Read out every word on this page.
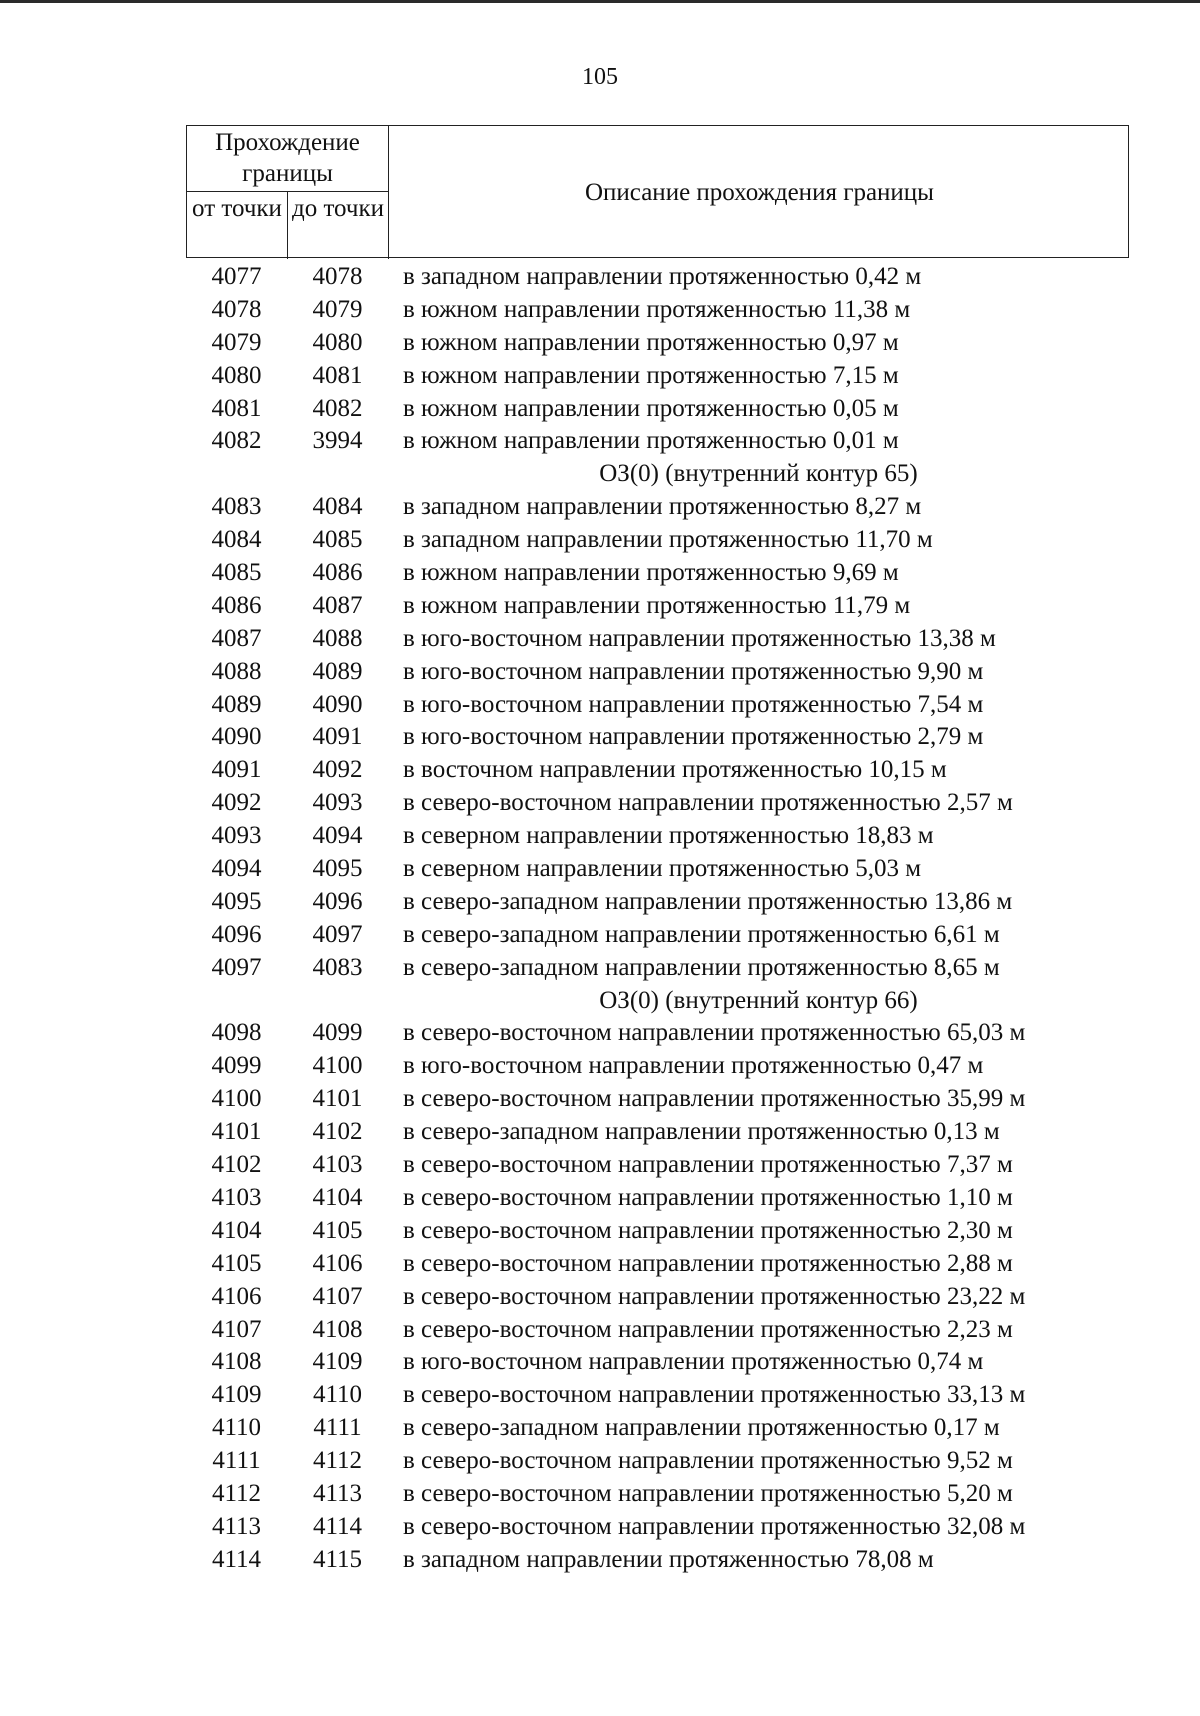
105
Прохождение границы
от точки до точки
Описание прохождения границы
4077	4078	в западном направлении протяженностью 0,42 м
4078	4079	в южном направлении протяженностью 11,38 м
4079	4080	в южном направлении протяженностью 0,97 м
4080	4081	в южном направлении протяженностью 7,15 м
4081	4082	в южном направлении протяженностью 0,05 м
4082	3994	в южном направлении протяженностью 0,01 м
ОЗ(0) (внутренний контур 65)
4083	4084	в западном направлении протяженностью 8,27 м
4084	4085	в западном направлении протяженностью 11,70 м
4085	4086	в южном направлении протяженностью 9,69 м
4086	4087	в южном направлении протяженностью 11,79 м
4087	4088	в юго-восточном направлении протяженностью 13,38 м
4088	4089	в юго-восточном направлении протяженностью 9,90 м
4089	4090	в юго-восточном направлении протяженностью 7,54 м
4090	4091	в юго-восточном направлении протяженностью 2,79 м
4091	4092	в восточном направлении протяженностью 10,15 м
4092	4093	в северо-восточном направлении протяженностью 2,57 м
4093	4094	в северном направлении протяженностью 18,83 м
4094	4095	в северном направлении протяженностью 5,03 м
4095	4096	в северо-западном направлении протяженностью 13,86 м
4096	4097	в северо-западном направлении протяженностью 6,61 м
4097	4083	в северо-западном направлении протяженностью 8,65 м
ОЗ(0) (внутренний контур 66)
4098	4099	в северо-восточном направлении протяженностью 65,03 м
4099	4100	в юго-восточном направлении протяженностью 0,47 м
4100	4101	в северо-восточном направлении протяженностью 35,99 м
4101	4102	в северо-западном направлении протяженностью 0,13 м
4102	4103	в северо-восточном направлении протяженностью 7,37 м
4103	4104	в северо-восточном направлении протяженностью 1,10 м
4104	4105	в северо-восточном направлении протяженностью 2,30 м
4105	4106	в северо-восточном направлении протяженностью 2,88 м
4106	4107	в северо-восточном направлении протяженностью 23,22 м
4107	4108	в северо-восточном направлении протяженностью 2,23 м
4108	4109	в юго-восточном направлении протяженностью 0,74 м
4109	4110	в северо-восточном направлении протяженностью 33,13 м
4110	4111	в северо-западном направлении протяженностью 0,17 м
4111	4112	в северо-восточном направлении протяженностью 9,52 м
4112	4113	в северо-восточном направлении протяженностью 5,20 м
4113	4114	в северо-восточном направлении протяженностью 32,08 м
4114	4115	в западном направлении протяженностью 78,08 м
